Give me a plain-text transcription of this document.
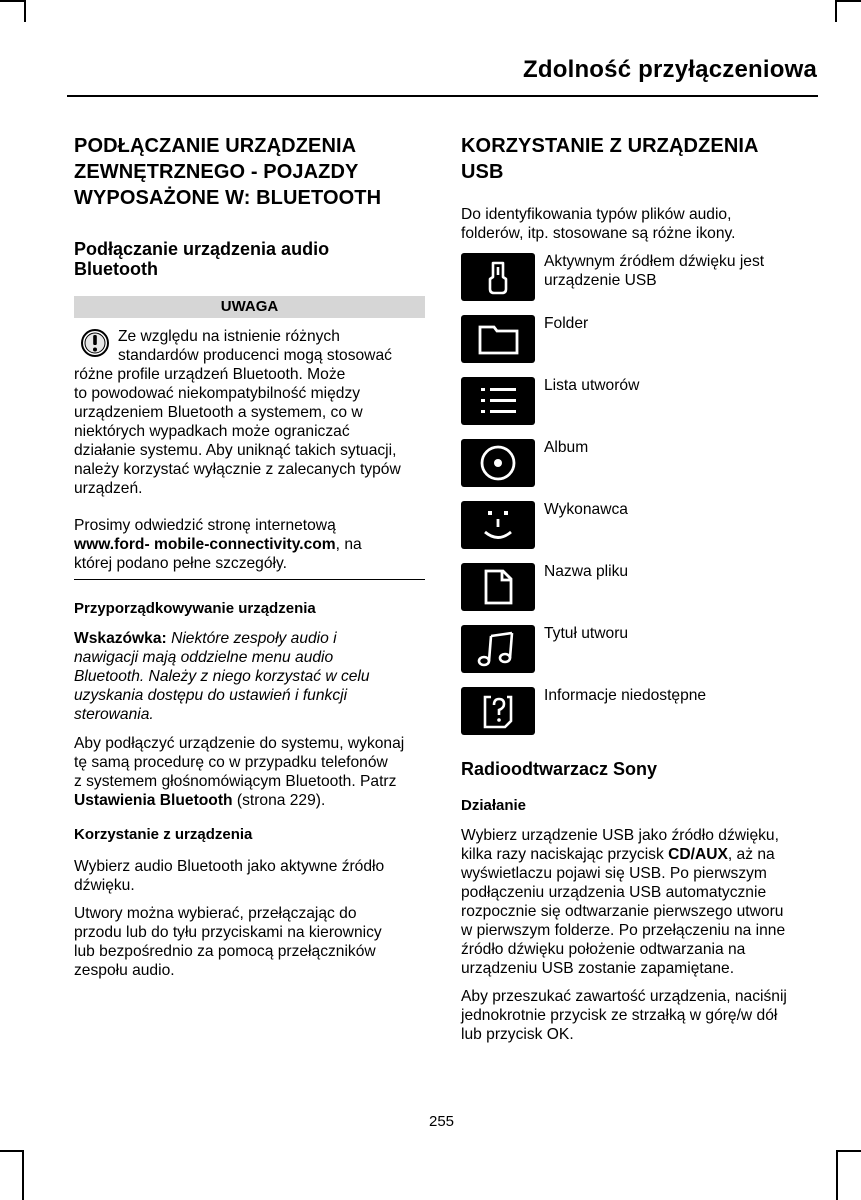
Zdolność przyłączeniowa
PODŁĄCZANIE URZĄDZENIA
ZEWNĘTRZNEGO - POJAZDY
WYPOSAŻONE W: BLUETOOTH
Podłączanie urządzenia audio
Bluetooth
UWAGA

Ze względu na istnienie różnych
standardów producenci mogą stosować
różne profile urządzeń Bluetooth. Może

to powodować niekompatybilność między
urządzeniem Bluetooth a systemem, co w
niektórych wypadkach może ograniczać
działanie systemu. Aby uniknąć takich sytuacji,
należy korzystać wyłącznie z zalecanych typów
urządzeń.

Prosimy odwiedzić stronę internetową
www.ford- mobile-connectivity.com, na
której podano pełne szczegóły.

Przyporządkowywanie urządzenia

Wskazówka: Niektóre zespoły audio i
nawigacji mają oddzielne menu audio
Bluetooth. Należy z niego korzystać w celu
uzyskania dostępu do ustawień i funkcji
sterowania.

Aby podłączyć urządzenie do systemu, wykonaj
tę samą procedurę co w przypadku telefonów
z systemem głośnomówiącym Bluetooth. Patrz
Ustawienia Bluetooth (strona 229).

Korzystanie z urządzenia

Wybierz audio Bluetooth jako aktywne źródło
dźwięku.

Utwory można wybierać, przełączając do
przodu lub do tyłu przyciskami na kierownicy
lub bezpośrednio za pomocą przełączników
zespołu audio.

KORZYSTANIE Z URZĄDZENIA
USB

Do identyfikowania typów plików audio,
folderów, itp. stosowane są różne ikony.

Aktywnym źródłem dźwięku jest
urządzenie USB
Folder
Lista utworów
Album
Wykonawca
Nazwa pliku
Tytuł utworu
Informacje niedostępne
Radioodtwarzacz Sony
Działanie

Wybierz urządzenie USB jako źródło dźwięku,
kilka razy naciskając przycisk CD/AUX, aż na
wyświetlaczu pojawi się USB. Po pierwszym
podłączeniu urządzenia USB automatycznie
rozpocznie się odtwarzanie pierwszego utworu
w pierwszym folderze. Po przełączeniu na inne
źródło dźwięku położenie odtwarzania na
urządzeniu USB zostanie zapamiętane.

Aby przeszukać zawartość urządzenia, naciśnij
jednokrotnie przycisk ze strzałką w górę/w dół
lub przycisk OK.

255
